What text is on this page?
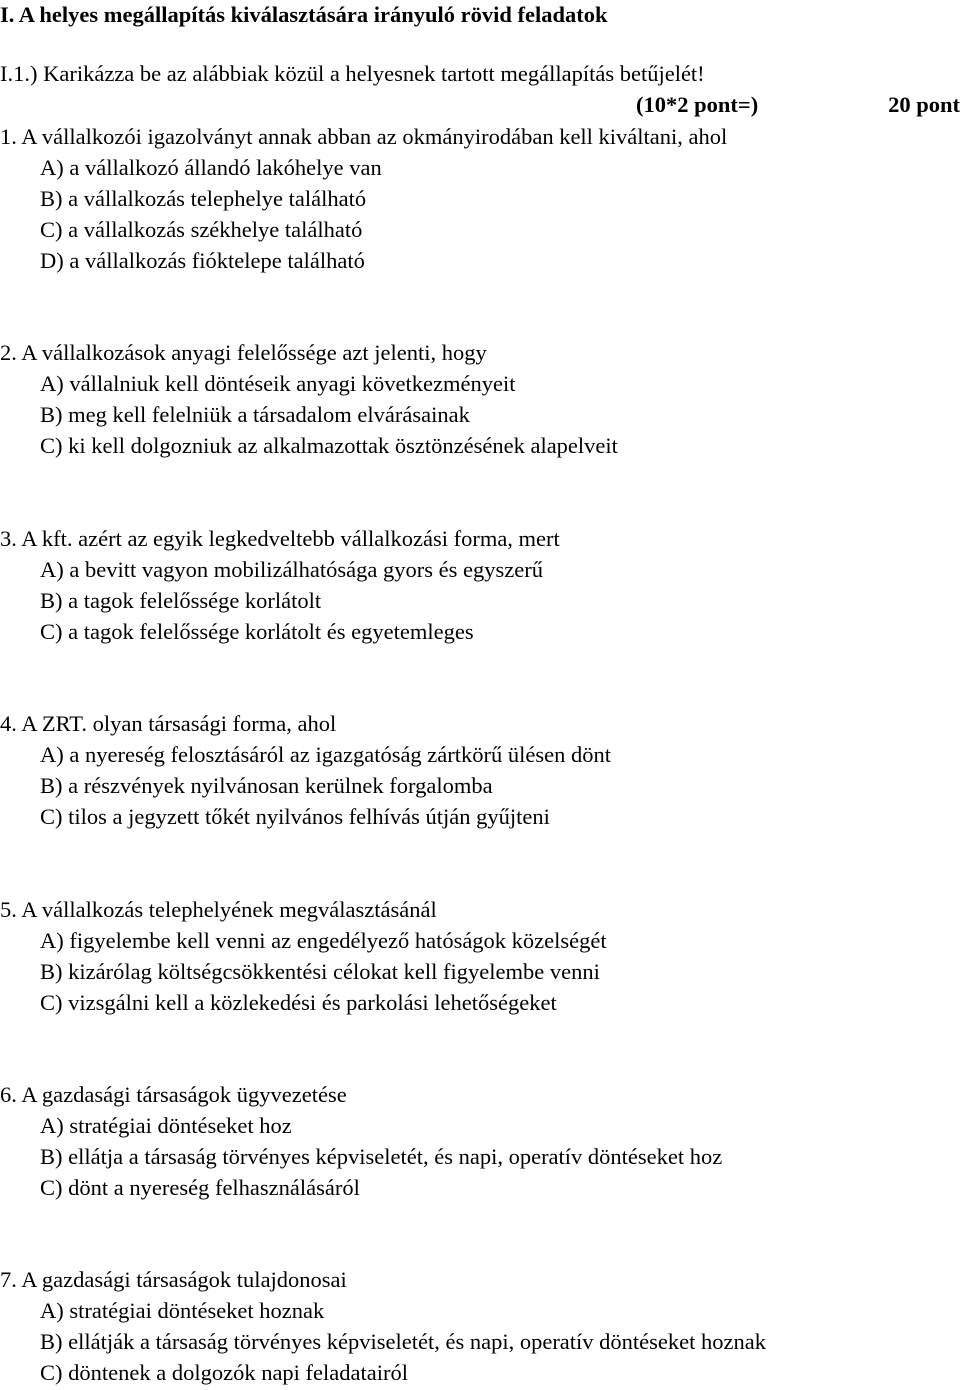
I. A helyes megállapítás kiválasztására irányuló rövid feladatok
I.1.) Karikázza be az alábbiak közül a helyesnek tartott megállapítás betűjelét!
(10*2 pont=)	20 pont
1. A vállalkozói igazolványt annak abban az okmányirodában kell kiváltani, ahol
A) a vállalkozó állandó lakóhelye van
B) a vállalkozás telephelye található
C) a vállalkozás székhelye található
D) a vállalkozás fióktelepe található
2. A vállalkozások anyagi felelőssége azt jelenti, hogy
A) vállalniuk kell döntéseik anyagi következményeit
B) meg kell felelniük a társadalom elvárásainak
C) ki kell dolgozniuk az alkalmazottak ösztönzésének alapelveit
3. A kft. azért az egyik legkedveltebb vállalkozási forma, mert
A) a bevitt vagyon mobilizálhatósága gyors és egyszerű
B) a tagok felelőssége korlátolt
C) a tagok felelőssége korlátolt és egyetemleges
4. A ZRT. olyan társasági forma, ahol
A) a nyereség felosztásáról az igazgatóság zártkörű ülésen dönt
B) a részvények nyilvánosan kerülnek forgalomba
C) tilos a jegyzett tőkét nyilvános felhívás útján gyűjteni
5. A vállalkozás telephelyének megválasztásánál
A) figyelembe kell venni az engedélyező hatóságok közelségét
B) kizárólag költségcsökkentési célokat kell figyelembe venni
C) vizsgálni kell a közlekedési és parkolási lehetőségeket
6. A gazdasági társaságok ügyvezetése
A) stratégiai döntéseket hoz
B) ellátja a társaság törvényes képviseletét, és napi, operatív döntéseket hoz
C) dönt a nyereség felhasználásáról
7. A gazdasági társaságok tulajdonosai
A) stratégiai döntéseket hoznak
B) ellátják a társaság törvényes képviseletét, és napi, operatív döntéseket hoznak
C) döntenek a dolgozók napi feladatairól
